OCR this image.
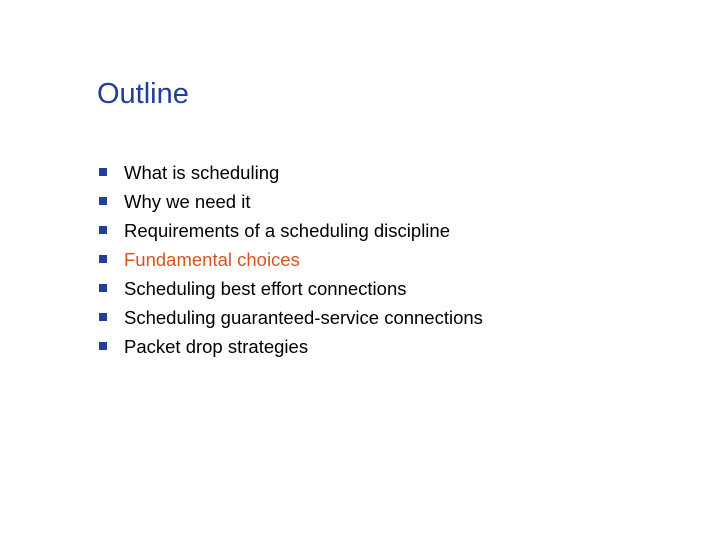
Outline
What is scheduling
Why we need it
Requirements of a scheduling discipline
Fundamental choices
Scheduling best effort connections
Scheduling guaranteed-service connections
Packet drop strategies
